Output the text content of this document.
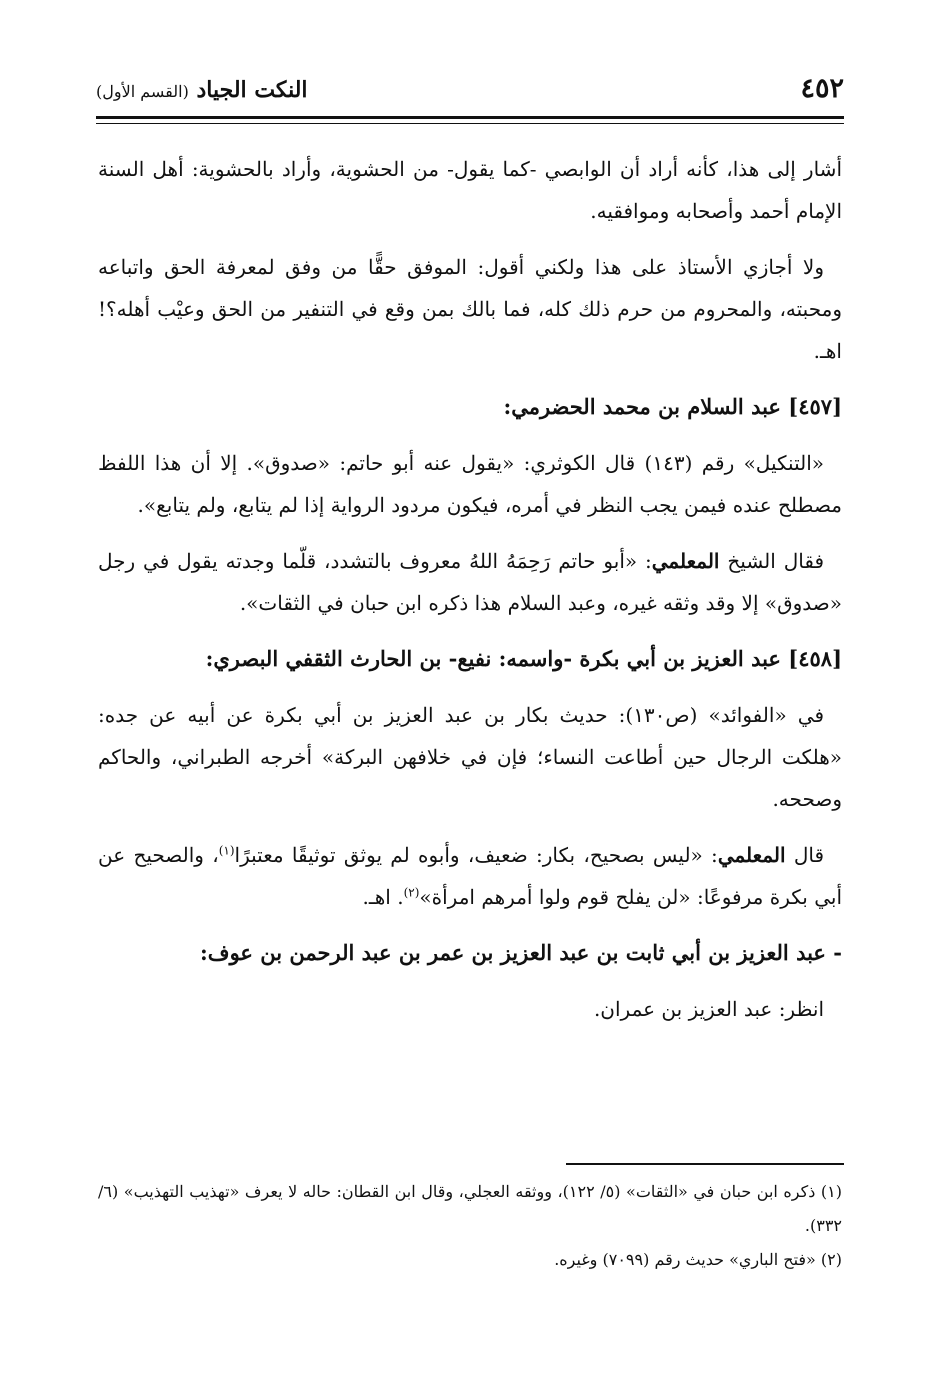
٤٥٢
النكت الجياد (القسم الأول)

أشار إلى هذا، كأنه أراد أن الوابصي -كما يقول- من الحشوية، وأراد بالحشوية: أهل السنة الإمام أحمد وأصحابه وموافقيه.

ولا أجازي الأستاذ على هذا ولكني أقول: الموفق حقًّا من وفق لمعرفة الحق واتباعه ومحبته، والمحروم من حرم ذلك كله، فما بالك بمن وقع في التنفير من الحق وعيْب أهله؟! اهـ.

[٤٥٧] عبد السلام بن محمد الحضرمي:

«التنكيل» رقم (١٤٣) قال الكوثري: «يقول عنه أبو حاتم: «صدوق». إلا أن هذا اللفظ مصطلح عنده فيمن يجب النظر في أمره، فيكون مردود الرواية إذا لم يتابع، ولم يتابع».

فقال الشيخ المعلمي: «أبو حاتم رَحِمَهُ اللهُ معروف بالتشدد، قلّما وجدته يقول في رجل «صدوق» إلا وقد وثقه غيره، وعبد السلام هذا ذكره ابن حبان في الثقات».

[٤٥٨] عبد العزيز بن أبي بكرة -واسمه: نفيع- بن الحارث الثقفي البصري:

في «الفوائد» (ص١٣٠): حديث بكار بن عبد العزيز بن أبي بكرة عن أبيه عن جده: «هلكت الرجال حين أطاعت النساء؛ فإن في خلافهن البركة» أخرجه الطبراني، والحاكم وصححه.

قال المعلمي: «ليس بصحيح، بكار: ضعيف، وأبوه لم يوثق توثيقًا معتبرًا$^{(١)}$، والصحيح عن أبي بكرة مرفوعًا: «لن يفلح قوم ولوا أمرهم امرأة»$^{(٢)}$. اهـ.

- عبد العزيز بن أبي ثابت بن عبد العزيز بن عمر بن عبد الرحمن بن عوف:

انظر: عبد العزيز بن عمران.

(١) ذكره ابن حبان في «الثقات» (٥/ ١٢٢)، ووثقه العجلي، وقال ابن القطان: حاله لا يعرف «تهذيب التهذيب» (٦/ ٣٣٢).

(٢) «فتح الباري» حديث رقم (٧٠٩٩) وغيره.
